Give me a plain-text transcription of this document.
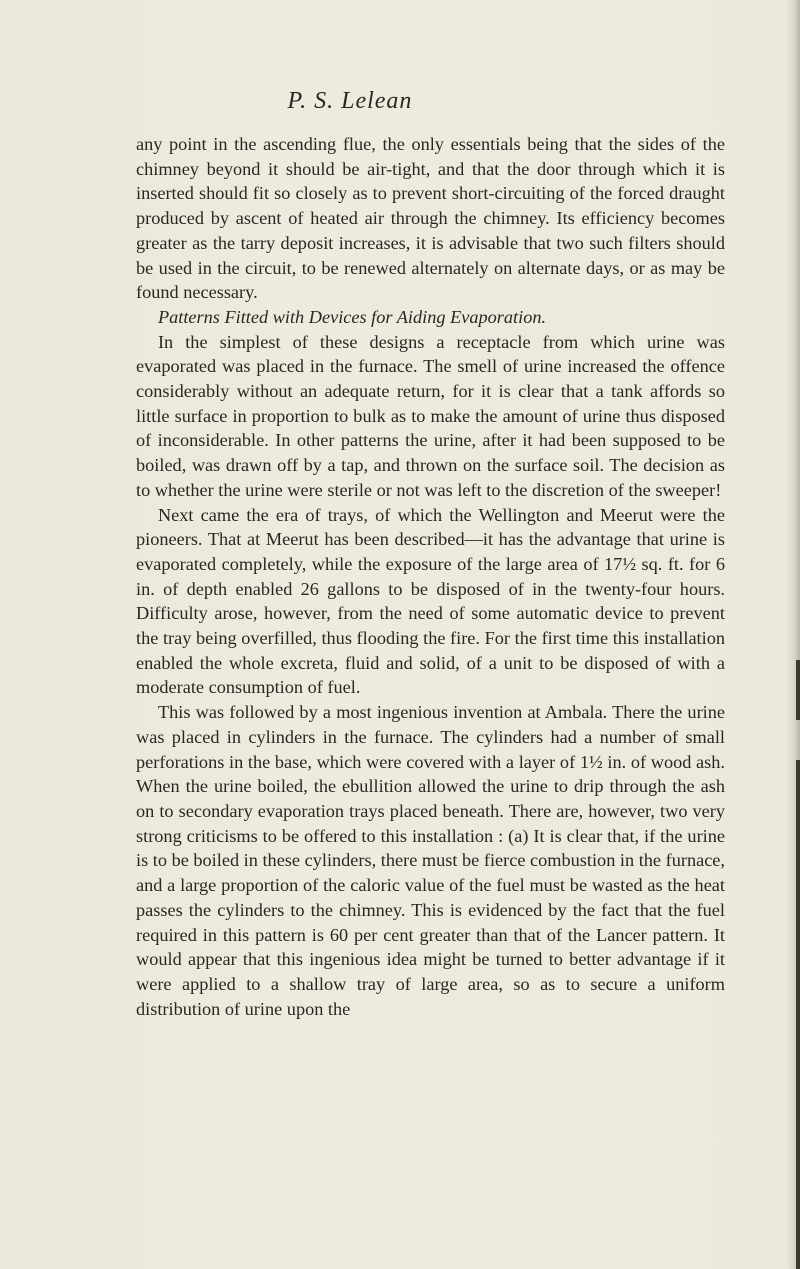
P. S. Lelean

any point in the ascending flue, the only essentials being that the sides of the chimney beyond it should be air-tight, and that the door through which it is inserted should fit so closely as to prevent short-circuiting of the forced draught produced by ascent of heated air through the chimney. Its efficiency becomes greater as the tarry deposit increases, it is advisable that two such filters should be used in the circuit, to be renewed alternately on alternate days, or as may be found necessary.

Patterns Fitted with Devices for Aiding Evaporation.

In the simplest of these designs a receptacle from which urine was evaporated was placed in the furnace. The smell of urine increased the offence considerably without an adequate return, for it is clear that a tank affords so little surface in proportion to bulk as to make the amount of urine thus disposed of inconsiderable. In other patterns the urine, after it had been supposed to be boiled, was drawn off by a tap, and thrown on the surface soil. The decision as to whether the urine were sterile or not was left to the discretion of the sweeper!

Next came the era of trays, of which the Wellington and Meerut were the pioneers. That at Meerut has been described—it has the advantage that urine is evaporated completely, while the exposure of the large area of 17½ sq. ft. for 6 in. of depth enabled 26 gallons to be disposed of in the twenty-four hours. Difficulty arose, however, from the need of some automatic device to prevent the tray being overfilled, thus flooding the fire. For the first time this installation enabled the whole excreta, fluid and solid, of a unit to be disposed of with a moderate consumption of fuel.

This was followed by a most ingenious invention at Ambala. There the urine was placed in cylinders in the furnace. The cylinders had a number of small perforations in the base, which were covered with a layer of 1½ in. of wood ash. When the urine boiled, the ebullition allowed the urine to drip through the ash on to secondary evaporation trays placed beneath. There are, however, two very strong criticisms to be offered to this installation : (a) It is clear that, if the urine is to be boiled in these cylinders, there must be fierce combustion in the furnace, and a large proportion of the caloric value of the fuel must be wasted as the heat passes the cylinders to the chimney. This is evidenced by the fact that the fuel required in this pattern is 60 per cent greater than that of the Lancer pattern. It would appear that this ingenious idea might be turned to better advantage if it were applied to a shallow tray of large area, so as to secure a uniform distribution of urine upon the
